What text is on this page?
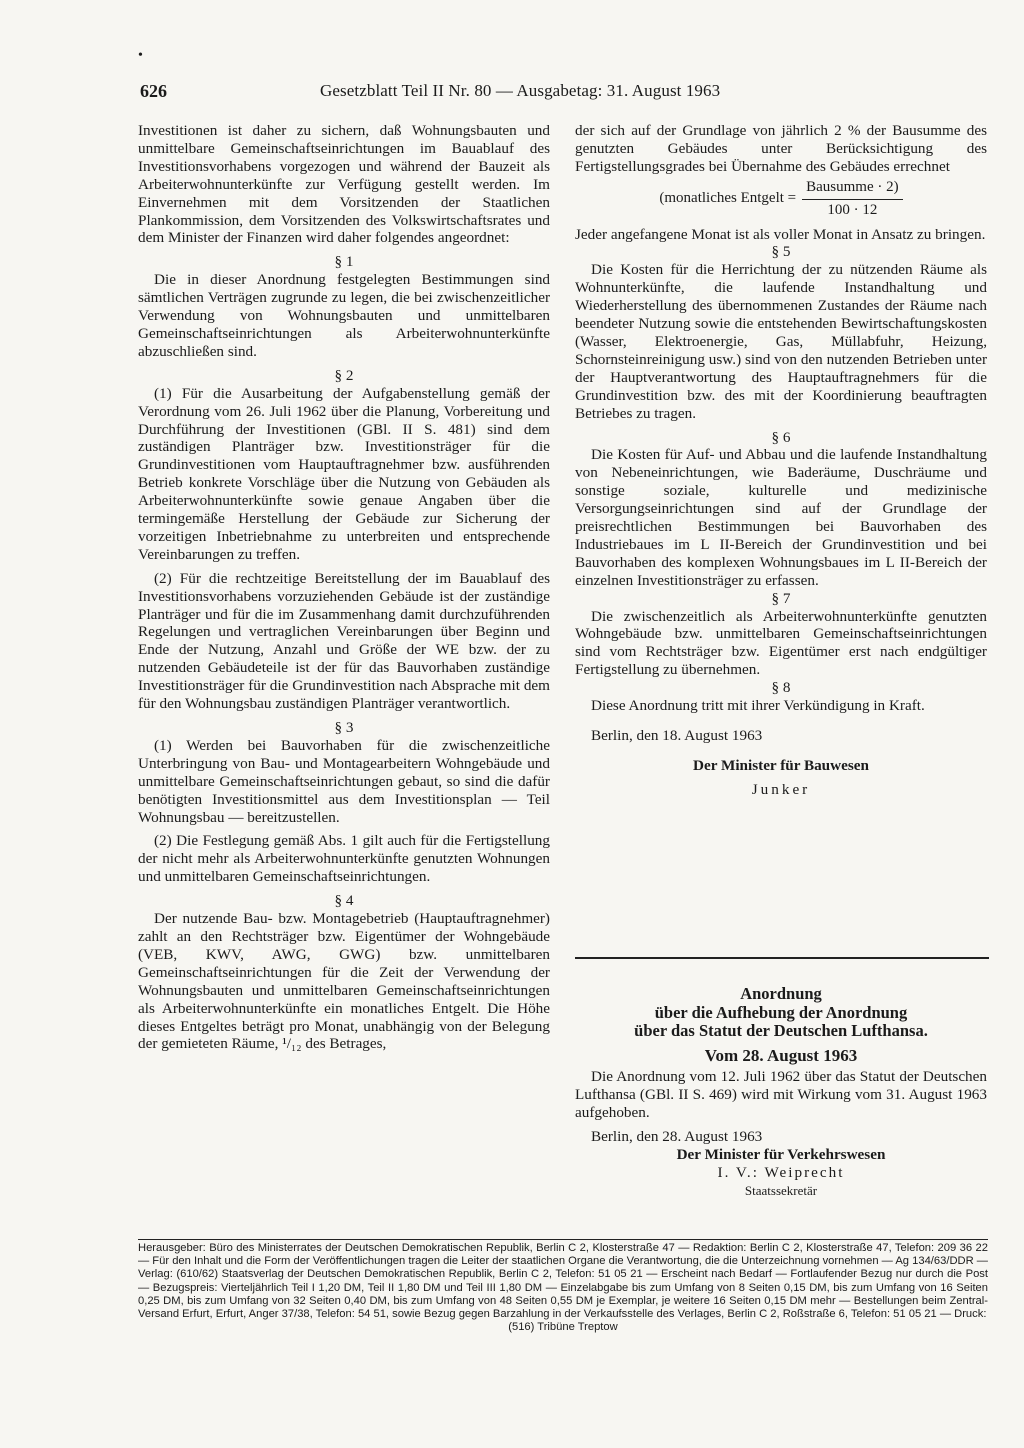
•
626	Gesetzblatt Teil II Nr. 80 — Ausgabetag: 31. August 1963

Investitionen ist daher zu sichern, daß Wohnungsbauten und unmittelbare Gemeinschaftseinrichtungen im Bauablauf des Investitionsvorhabens vorgezogen und während der Bauzeit als Arbeiterwohnunterkünfte zur Verfügung gestellt werden. Im Einvernehmen mit dem Vorsitzenden der Staatlichen Plankommission, dem Vorsitzenden des Volkswirtschaftsrates und dem Minister der Finanzen wird daher folgendes angeordnet:

§ 1

Die in dieser Anordnung festgelegten Bestimmungen sind sämtlichen Verträgen zugrunde zu legen, die bei zwischenzeitlicher Verwendung von Wohnungsbauten und unmittelbaren Gemeinschaftseinrichtungen als Arbeiterwohnunterkünfte abzuschließen sind.

§ 2

(1) Für die Ausarbeitung der Aufgabenstellung gemäß der Verordnung vom 26. Juli 1962 über die Planung, Vorbereitung und Durchführung der Investitionen (GBl. II S. 481) sind dem zuständigen Planträger bzw. Investitionsträger für die Grundinvestitionen vom Hauptauftragnehmer bzw. ausführenden Betrieb konkrete Vorschläge über die Nutzung von Gebäuden als Arbeiterwohnunterkünfte sowie genaue Angaben über die termingemäße Herstellung der Gebäude zur Sicherung der vorzeitigen Inbetriebnahme zu unterbreiten und entsprechende Vereinbarungen zu treffen.

(2) Für die rechtzeitige Bereitstellung der im Bauablauf des Investitionsvorhabens vorzuziehenden Gebäude ist der zuständige Planträger und für die im Zusammenhang damit durchzuführenden Regelungen und vertraglichen Vereinbarungen über Beginn und Ende der Nutzung, Anzahl und Größe der WE bzw. der zu nutzenden Gebäudeteile ist der für das Bauvorhaben zuständige Investitionsträger für die Grundinvestition nach Absprache mit dem für den Wohnungsbau zuständigen Planträger verantwortlich.

§ 3

(1) Werden bei Bauvorhaben für die zwischenzeitliche Unterbringung von Bau- und Montagearbeitern Wohngebäude und unmittelbare Gemeinschaftseinrichtungen gebaut, so sind die dafür benötigten Investitionsmittel aus dem Investitionsplan — Teil Wohnungsbau — bereitzustellen.

(2) Die Festlegung gemäß Abs. 1 gilt auch für die Fertigstellung der nicht mehr als Arbeiterwohnunterkünfte genutzten Wohnungen und unmittelbaren Gemeinschaftseinrichtungen.

§ 4

Der nutzende Bau- bzw. Montagebetrieb (Hauptauftragnehmer) zahlt an den Rechtsträger bzw. Eigentümer der Wohngebäude (VEB, KWV, AWG, GWG) bzw. unmittelbaren Gemeinschaftseinrichtungen für die Zeit der Verwendung der Wohnungsbauten und unmittelbaren Gemeinschaftseinrichtungen als Arbeiterwohnunterkünfte ein monatliches Entgelt. Die Höhe dieses Entgeltes beträgt pro Monat, unabhängig von der Belegung der gemieteten Räume, ¹/₁₂ des Betrages,

der sich auf der Grundlage von jährlich 2 % der Bausumme des genutzten Gebäudes unter Berücksichtigung des Fertigstellungsgrades bei Übernahme des Gebäudes errechnet

(monatliches Entgelt = $\frac{\text{Bausumme · 2)}}{100 \cdot 12}$

Jeder angefangene Monat ist als voller Monat in Ansatz zu bringen.

§ 5

Die Kosten für die Herrichtung der zu nützenden Räume als Wohnunterkünfte, die laufende Instandhaltung und Wiederherstellung des übernommenen Zustandes der Räume nach beendeter Nutzung sowie die entstehenden Bewirtschaftungskosten (Wasser, Elektroenergie, Gas, Müllabfuhr, Heizung, Schornsteinreinigung usw.) sind von den nutzenden Betrieben unter der Hauptverantwortung des Hauptauftragnehmers für die Grundinvestition bzw. des mit der Koordinierung beauftragten Betriebes zu tragen.

§ 6

Die Kosten für Auf- und Abbau und die laufende Instandhaltung von Nebeneinrichtungen, wie Baderäume, Duschräume und sonstige soziale, kulturelle und medizinische Versorgungseinrichtungen sind auf der Grundlage der preisrechtlichen Bestimmungen bei Bauvorhaben des Industriebaues im L II-Bereich der Grundinvestition und bei Bauvorhaben des komplexen Wohnungsbaues im L II-Bereich der einzelnen Investitionsträger zu erfassen.

§ 7

Die zwischenzeitlich als Arbeiterwohnunterkünfte genutzten Wohngebäude bzw. unmittelbaren Gemeinschaftseinrichtungen sind vom Rechtsträger bzw. Eigentümer erst nach endgültiger Fertigstellung zu übernehmen.

§ 8

Diese Anordnung tritt mit ihrer Verkündigung in Kraft.

Berlin, den 18. August 1963

Der Minister für Bauwesen

Junker

Anordnung
über die Aufhebung der Anordnung
über das Statut der Deutschen Lufthansa.
Vom 28. August 1963

Die Anordnung vom 12. Juli 1962 über das Statut der Deutschen Lufthansa (GBl. II S. 469) wird mit Wirkung vom 31. August 1963 aufgehoben.

Berlin, den 28. August 1963

Der Minister für Verkehrswesen

I. V.: Weiprecht

Staatssekretär

Herausgeber: Büro des Ministerrates der Deutschen Demokratischen Republik, Berlin C 2, Klosterstraße 47 — Redaktion: Berlin C 2, Klosterstraße 47, Telefon: 209 36 22 — Für den Inhalt und die Form der Veröffentlichungen tragen die Leiter der staatlichen Organe die Verantwortung, die die Unterzeichnung vornehmen — Ag 134/63/DDR — Verlag: (610/62) Staatsverlag der Deutschen Demokratischen Republik, Berlin C 2, Telefon: 51 05 21 — Erscheint nach Bedarf — Fortlaufender Bezug nur durch die Post — Bezugspreis: Vierteljährlich Teil I 1,20 DM, Teil II 1,80 DM und Teil III 1,80 DM — Einzelabgabe bis zum Umfang von 8 Seiten 0,15 DM, bis zum Umfang von 16 Seiten 0,25 DM, bis zum Umfang von 32 Seiten 0,40 DM, bis zum Umfang von 48 Seiten 0,55 DM je Exemplar, je weitere 16 Seiten 0,15 DM mehr — Bestellungen beim Zentral-Versand Erfurt, Erfurt, Anger 37/38, Telefon: 54 51, sowie Bezug gegen Barzahlung in der Verkaufsstelle des Verlages, Berlin C 2, Roßstraße 6, Telefon: 51 05 21 — Druck:
(516) Tribüne Treptow
